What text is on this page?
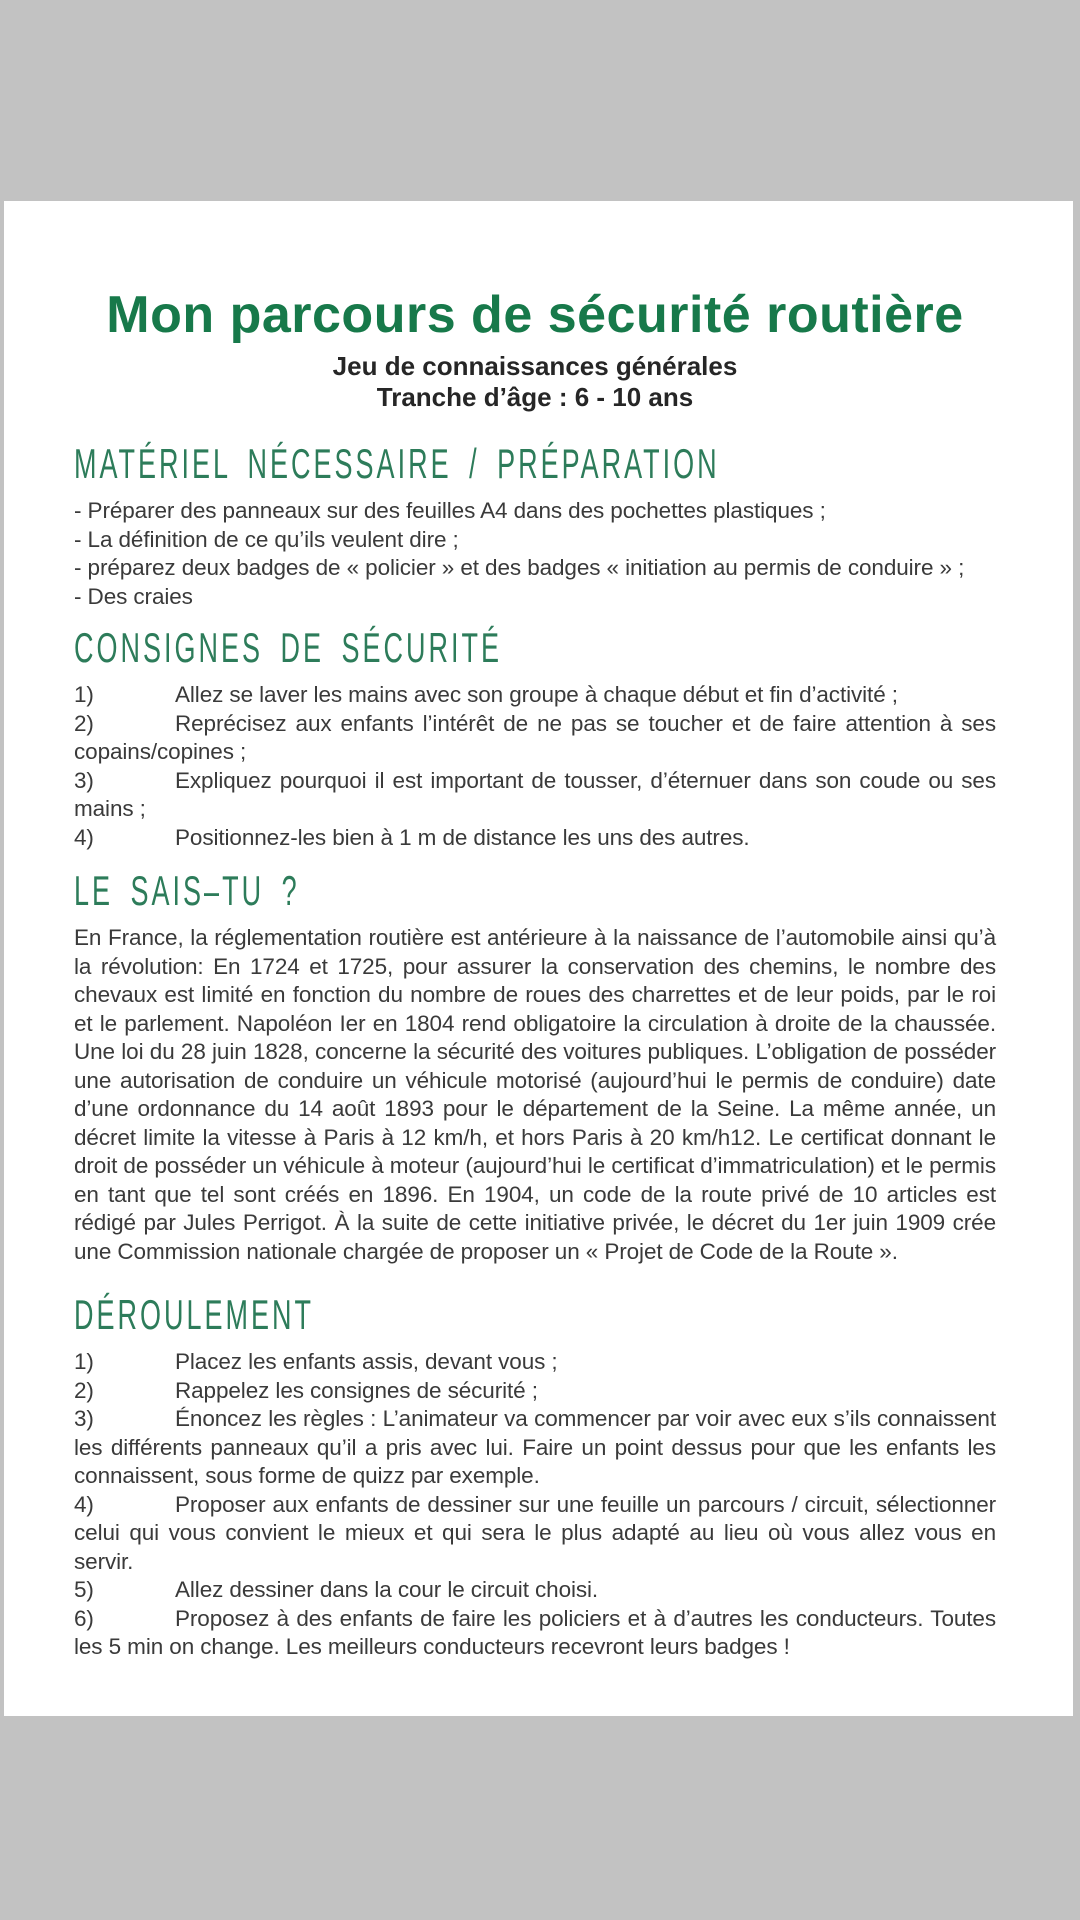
Mon parcours de sécurité routière
Jeu de connaissances générales
Tranche d’âge : 6 - 10 ans
MATÉRIEL NÉCESSAIRE / PRÉPARATION
- Préparer des panneaux sur des feuilles A4 dans des pochettes plastiques ;
- La définition de ce qu’ils veulent dire ;
- préparez deux badges de « policier » et des badges « initiation au permis de conduire » ;
- Des craies
CONSIGNES DE SÉCURITÉ
1)	Allez se laver les mains avec son groupe à chaque début et fin d’activité ;
2)	Reprécisez aux enfants l’intérêt de ne pas se toucher et de faire attention à ses copains/copines ;
3)	Expliquez pourquoi il est important de tousser, d’éternuer dans son coude ou ses mains ;
4)	Positionnez-les bien à 1 m de distance les uns des autres.
LE SAIS–TU ?

En France, la réglementation routière est antérieure à la naissance de l’automobile ainsi qu’à la révolution: En 1724 et 1725, pour assurer la conservation des chemins, le nombre des chevaux est limité en fonction du nombre de roues des charrettes et de leur poids, par le roi et le parlement. Napoléon Ier en 1804 rend obligatoire la circulation à droite de la chaussée. Une loi du 28 juin 1828, concerne la sécurité des voitures publiques. L’obligation de posséder une autorisation de conduire un véhicule motorisé (aujourd’hui le permis de conduire) date d’une ordonnance du 14 août 1893 pour le département de la Seine. La même année, un décret limite la vitesse à Paris à 12 km/h, et hors Paris à 20 km/h12. Le certificat donnant le droit de posséder un véhicule à moteur (aujourd’hui le certificat d’immatriculation) et le permis en tant que tel sont créés en 1896. En 1904, un code de la route privé de 10 articles est rédigé par Jules Perrigot. À la suite de cette initiative privée, le décret du 1er juin 1909 crée une Commission nationale chargée de proposer un « Projet de Code de la Route ».

DÉROULEMENT
1)	Placez les enfants assis, devant vous ;
2)	Rappelez les consignes de sécurité ;
3)	Énoncez les règles : L’animateur va commencer par voir avec eux s’ils connaissent les différents panneaux qu’il a pris avec lui. Faire un point dessus pour que les enfants les connaissent, sous forme de quizz par exemple.
4)	Proposer aux enfants de dessiner sur une feuille un parcours / circuit, sélectionner celui qui vous convient le mieux et qui sera le plus adapté au lieu où vous allez vous en servir.
5)	Allez dessiner dans la cour le circuit choisi.
6)	Proposez à des enfants de faire les policiers et à d’autres les conducteurs. Toutes les 5 min on change. Les meilleurs conducteurs recevront leurs badges !
